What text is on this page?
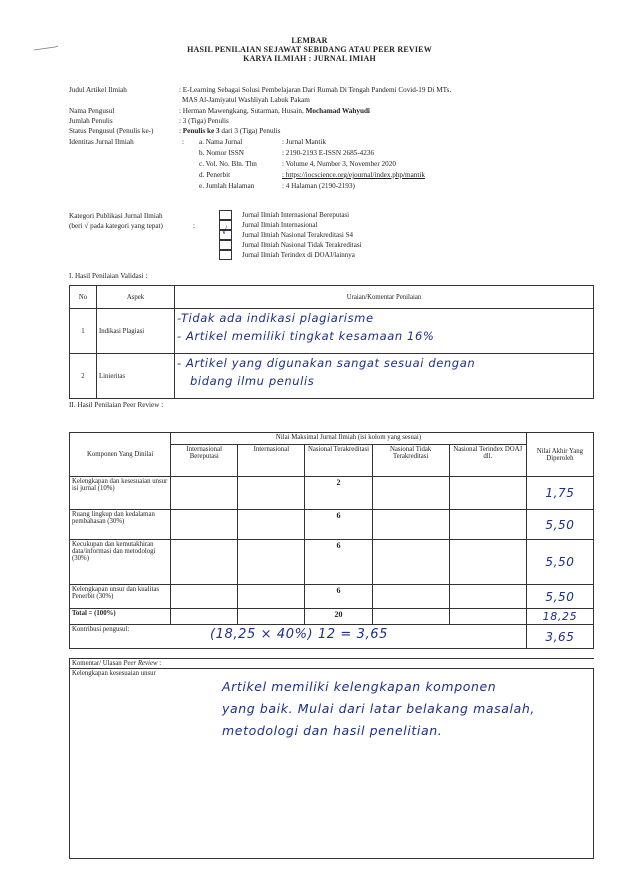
LEMBAR
HASIL PENILAIAN SEJAWAT SEBIDANG ATAU PEER REVIEW
KARYA ILMIAH : JURNAL IMIAH
Judul Artikel Ilmiah	: E-Learning Sebagai Solusi Pembelajaran Dari Rumah Di Tengah Pandemi Covid-19 Di MTs.
MAS Al-Jamiyatul Washliyah Labuk Pakam
Nama Pengusul	: Herman Mawengkang, Sutarman, Husain, Mochamad Wahyudi
Jumlah Penulis	: 3 (Tiga) Penulis
Status Pengusul (Penulis ke-)	: Penulis ke 3 dari 3 (Tiga) Penulis
Identitas Jurnal Ilmiah	: a. Nama Jurnal	: Jurnal Mantik
b. Nomor ISSN	: 2190-2193 E-ISSN 2685-4236
c. Vol. No. Bln. Thn	: Volume 4, Number 3, November 2020
d. Penerbit	: https://iocscience.org/ejournal/index.php/mantik
e. Jumlah Halaman	: 4 Halaman (2190-2193)
Kategori Publikasi Jurnal Ilmiah
(beri √ pada kategori yang tepat)	:
Jurnal Ilmiah Internasional Bereputasi
Jurnal Ilmiah Internasional
√ Jurnal Ilmiah Nasional Terakreditasi S4
Jurnal Ilmiah Nasional Tidak Terakreditasi
Jurnal Ilmiah Terindex di DOAJ/lainnya
I. Hasil Penilaian Validasi :
No	Aspek	Uraian/Komentar Penilaian
1	Indikasi Plagiasi	-Tidak ada indikasi plagiarisme
- Artikel memiliki tingkat kesamaan 16%

2	Linieritas	- Artikel yang digunakan sangat sesuai dengan
bidang ilmu penulis
II. Hasil Penilaian Peer Review :
Komponen Yang Dinilai	Nilai Maksimal Jurnal Ilmiah (isi kolom yang sesuai)					Nilai Akhir Yang Diperoleh
	Internasional Bereputasi	Internasional	Nasional Terakreditasi	Nasional Tidak Terakreditasi	Nasional Terindex DOAJ dll.	
Kelengkapan dan kesesuaian unsur isi jurnal (10%)			2			1,75
Ruang lingkup dan kedalaman pembahasan (30%)			6			5,50
Kecukupan dan kemutakhiran data/informasi dan metodologi (30%)			6			5,50
Kelengkapan unsur dan kualitas Penerbit (30%)			6			5,50
Total = (100%)			20			18,25
Kontribusi pengusul: (18,25 × 40%) 12 = 3,65						3,65
Komentar/ Ulasan Peer Review :
Kelengkapan kesesuaian unsur
Artikel memiliki kelengkapan komponen
yang baik. Mulai dari latar belakang masalah,
metodologi dan hasil penelitian.
